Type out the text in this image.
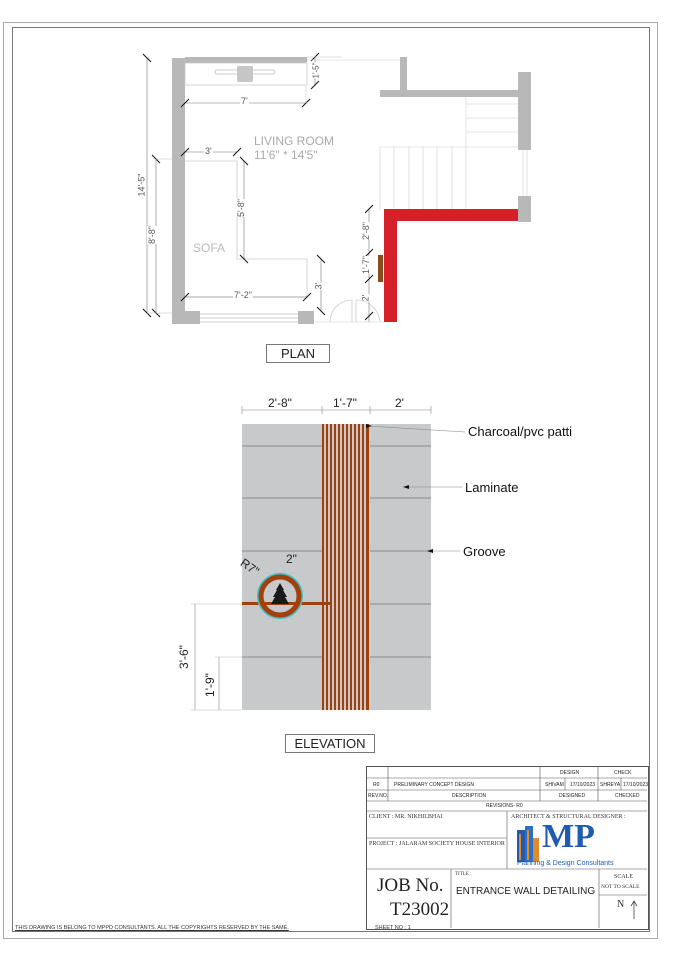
LIVING ROOM
11'6" * 14'5"
SOFA
7'
1'-5"
3'
5'-8"
7'-2"
3'
14'-5"
8'-8"	2'-8"
1'-7"
2'
PLAN
2'-8"	1'-7"	2'
2"
R7"
3'-6"
1'-9"
Charcoal/pvc patti
Laminate
Groove
ELEVATION
DESIGN	CHECK
R0	PRELIMINARY CONCEPT DESIGN	SHIVAM 17/10/2023 SHREYA 17/10/2023
REV.NO.	DESCRIPTION	DESIGNED	CHECKED
REVISIONS- R0
CLIENT : MR. NIKHILBHAI
PROJECT : JALARAM SOCIETY HOUSE INTERIOR
ARCHITECT & STRUCTURAL DESIGNER :
MP
Planning & Design Consultants
JOB No.
T23002
TITLE :
ENTRANCE WALL DETAILING
SCALE
NOT TO SCALE
N
SHEET NO : 1
THIS DRAWING IS BELONG TO MPPD CONSULTANTS. ALL THE COPYRIGHTS RESERVED BY THE SAME.
